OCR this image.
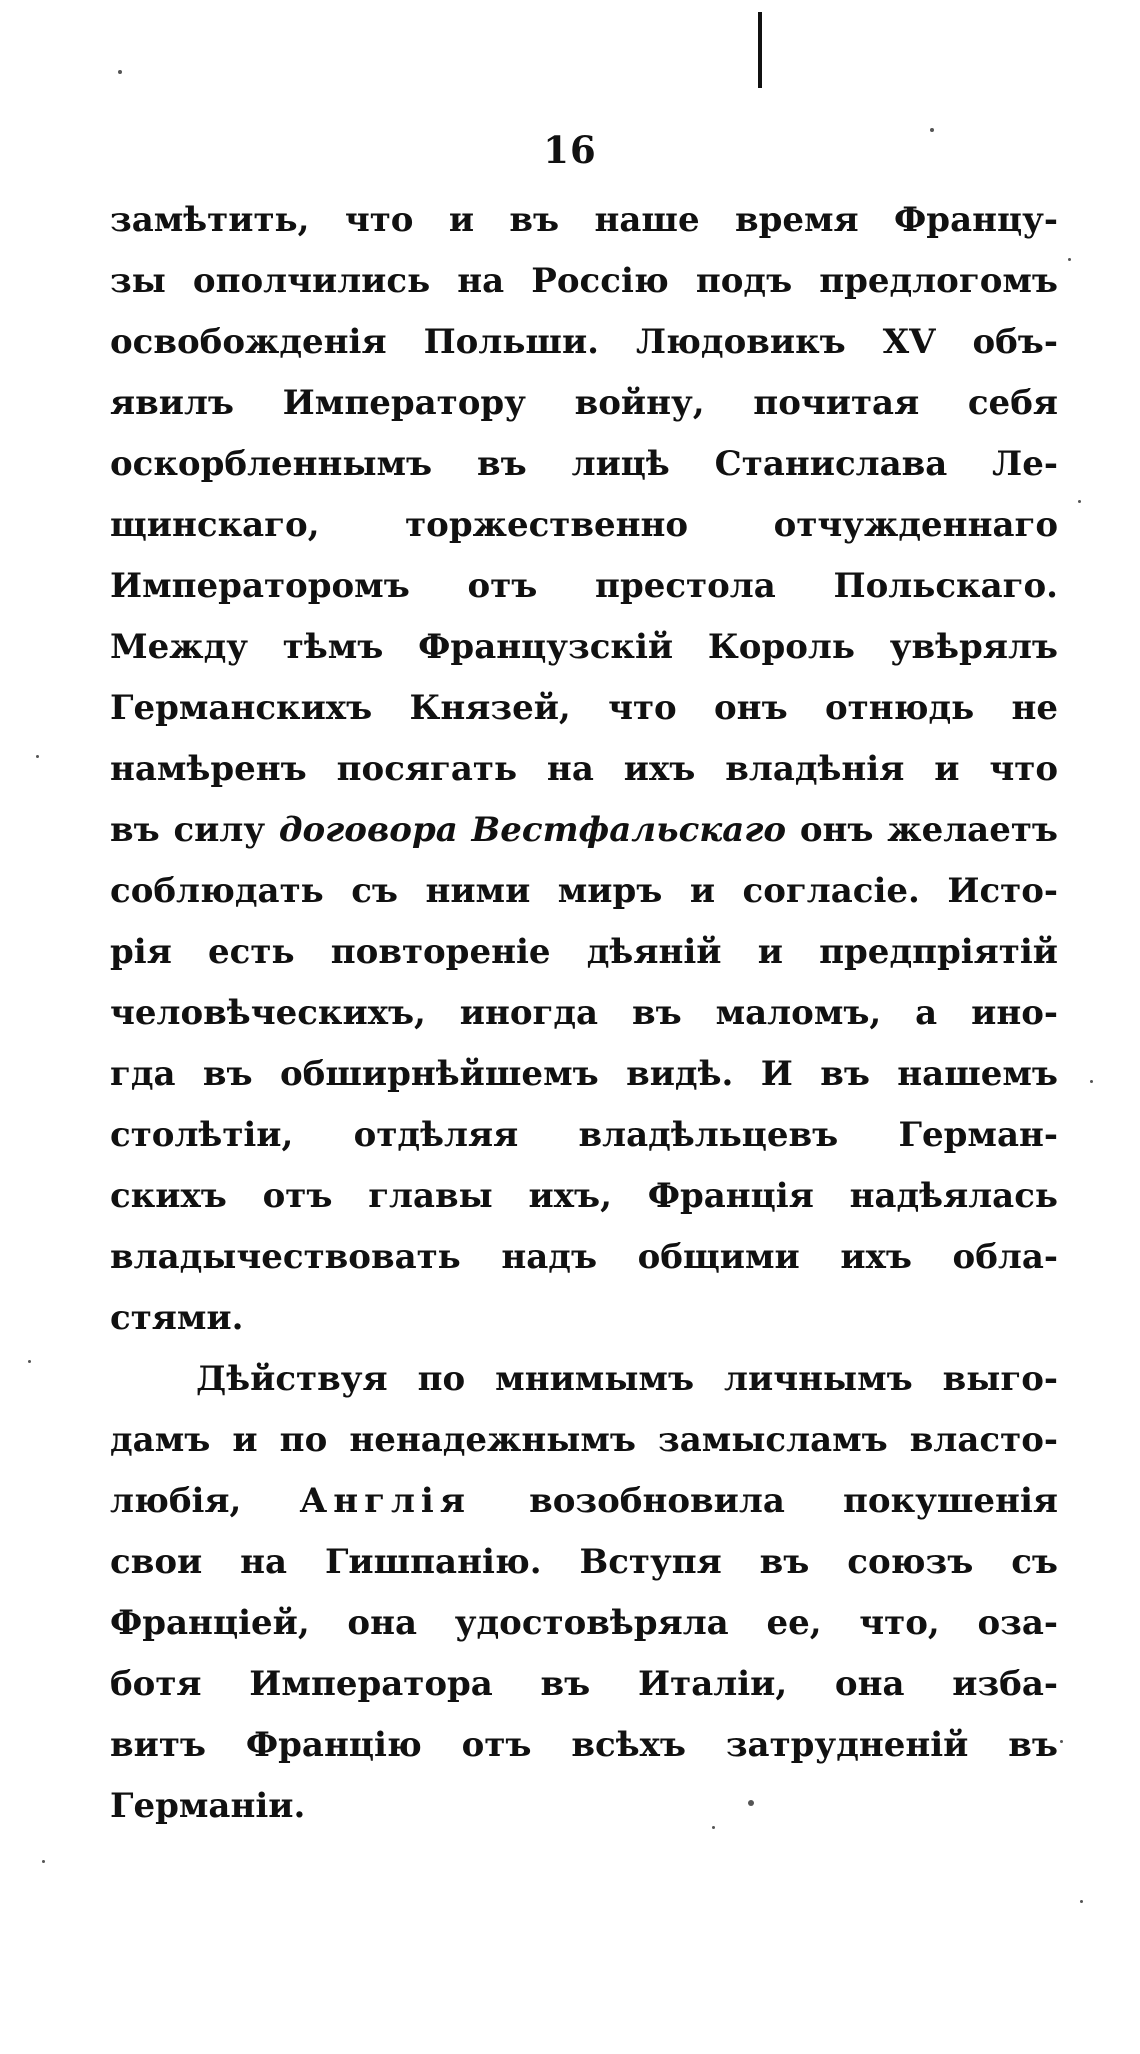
16
замѣтить, что и въ наше время Францу-
зы ополчились на Россію подъ предлогомъ
освобожденія Польши. Людовикъ XV объ-
явилъ Императору войну, почитая себя
оскорбленнымъ въ лицѣ Станислава Ле-
щинскаго, торжественно отчужденнаго
Императоромъ отъ престола Польскаго.
Между тѣмъ Французскій Король увѣрялъ
Германскихъ Князей, что онъ отнюдь не
намѣренъ посягать на ихъ владѣнія и что
въ силу договора Вестфальскаго онъ желаетъ
соблюдать съ ними миръ и согласіе. Исто-
рія есть повтореніе дѣяній и предпріятій
человѣческихъ, иногда въ маломъ, а ино-
гда въ обширнѣйшемъ видѣ. И въ нашемъ
столѣтіи, отдѣляя владѣльцевъ Герман-
скихъ отъ главы ихъ, Франція надѣялась
владычествовать надъ общими ихъ обла-
стями.
Дѣйствуя по мнимымъ личнымъ выго-
дамъ и по ненадежнымъ замысламъ власто-
любія, Англія возобновила покушенія
свои на Гишпанію. Вступя въ союзъ съ
Франціей, она удостовѣряла ее, что, оза-
ботя Императора въ Италіи, она изба-
витъ Францію отъ всѣхъ затрудненій въ
Германіи.
